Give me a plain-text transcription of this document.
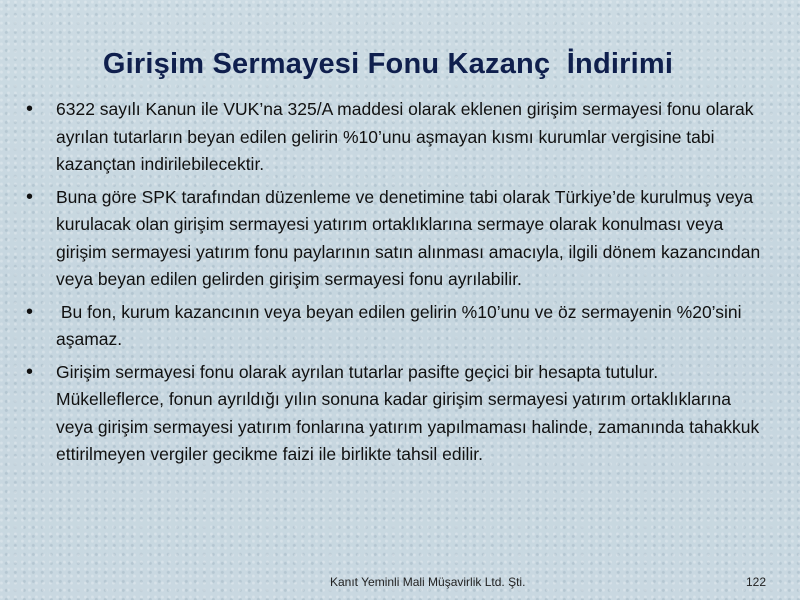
Girişim Sermayesi Fonu Kazanç  İndirimi
•	6322 sayılı Kanun ile VUK’na 325/A maddesi olarak eklenen girişim sermayesi fonu olarak ayrılan tutarların beyan edilen gelirin %10’unu aşmayan kısmı kurumlar vergisine tabi kazançtan indirilebilecektir.
•	Buna göre SPK tarafından düzenleme ve denetimine tabi olarak Türkiye’de kurulmuş veya kurulacak olan girişim sermayesi yatırım ortaklıklarına sermaye olarak konulması veya girişim sermayesi yatırım fonu paylarının satın alınması amacıyla, ilgili dönem kazancından veya beyan edilen gelirden girişim sermayesi fonu ayrılabilir.
•	Bu fon, kurum kazancının veya beyan edilen gelirin %10’unu ve öz sermayenin %20’sini aşamaz.
•	Girişim sermayesi fonu olarak ayrılan tutarlar pasifte geçici bir hesapta tutulur. Mükelleflerce, fonun ayrıldığı yılın sonuna kadar girişim sermayesi yatırım ortaklıklarına veya girişim sermayesi yatırım fonlarına yatırım yapılmaması halinde, zamanında tahakkuk ettirilmeyen vergiler gecikme faizi ile birlikte tahsil edilir.
Kanıt Yeminli Mali Müşavirlik Ltd. Şti.	122
